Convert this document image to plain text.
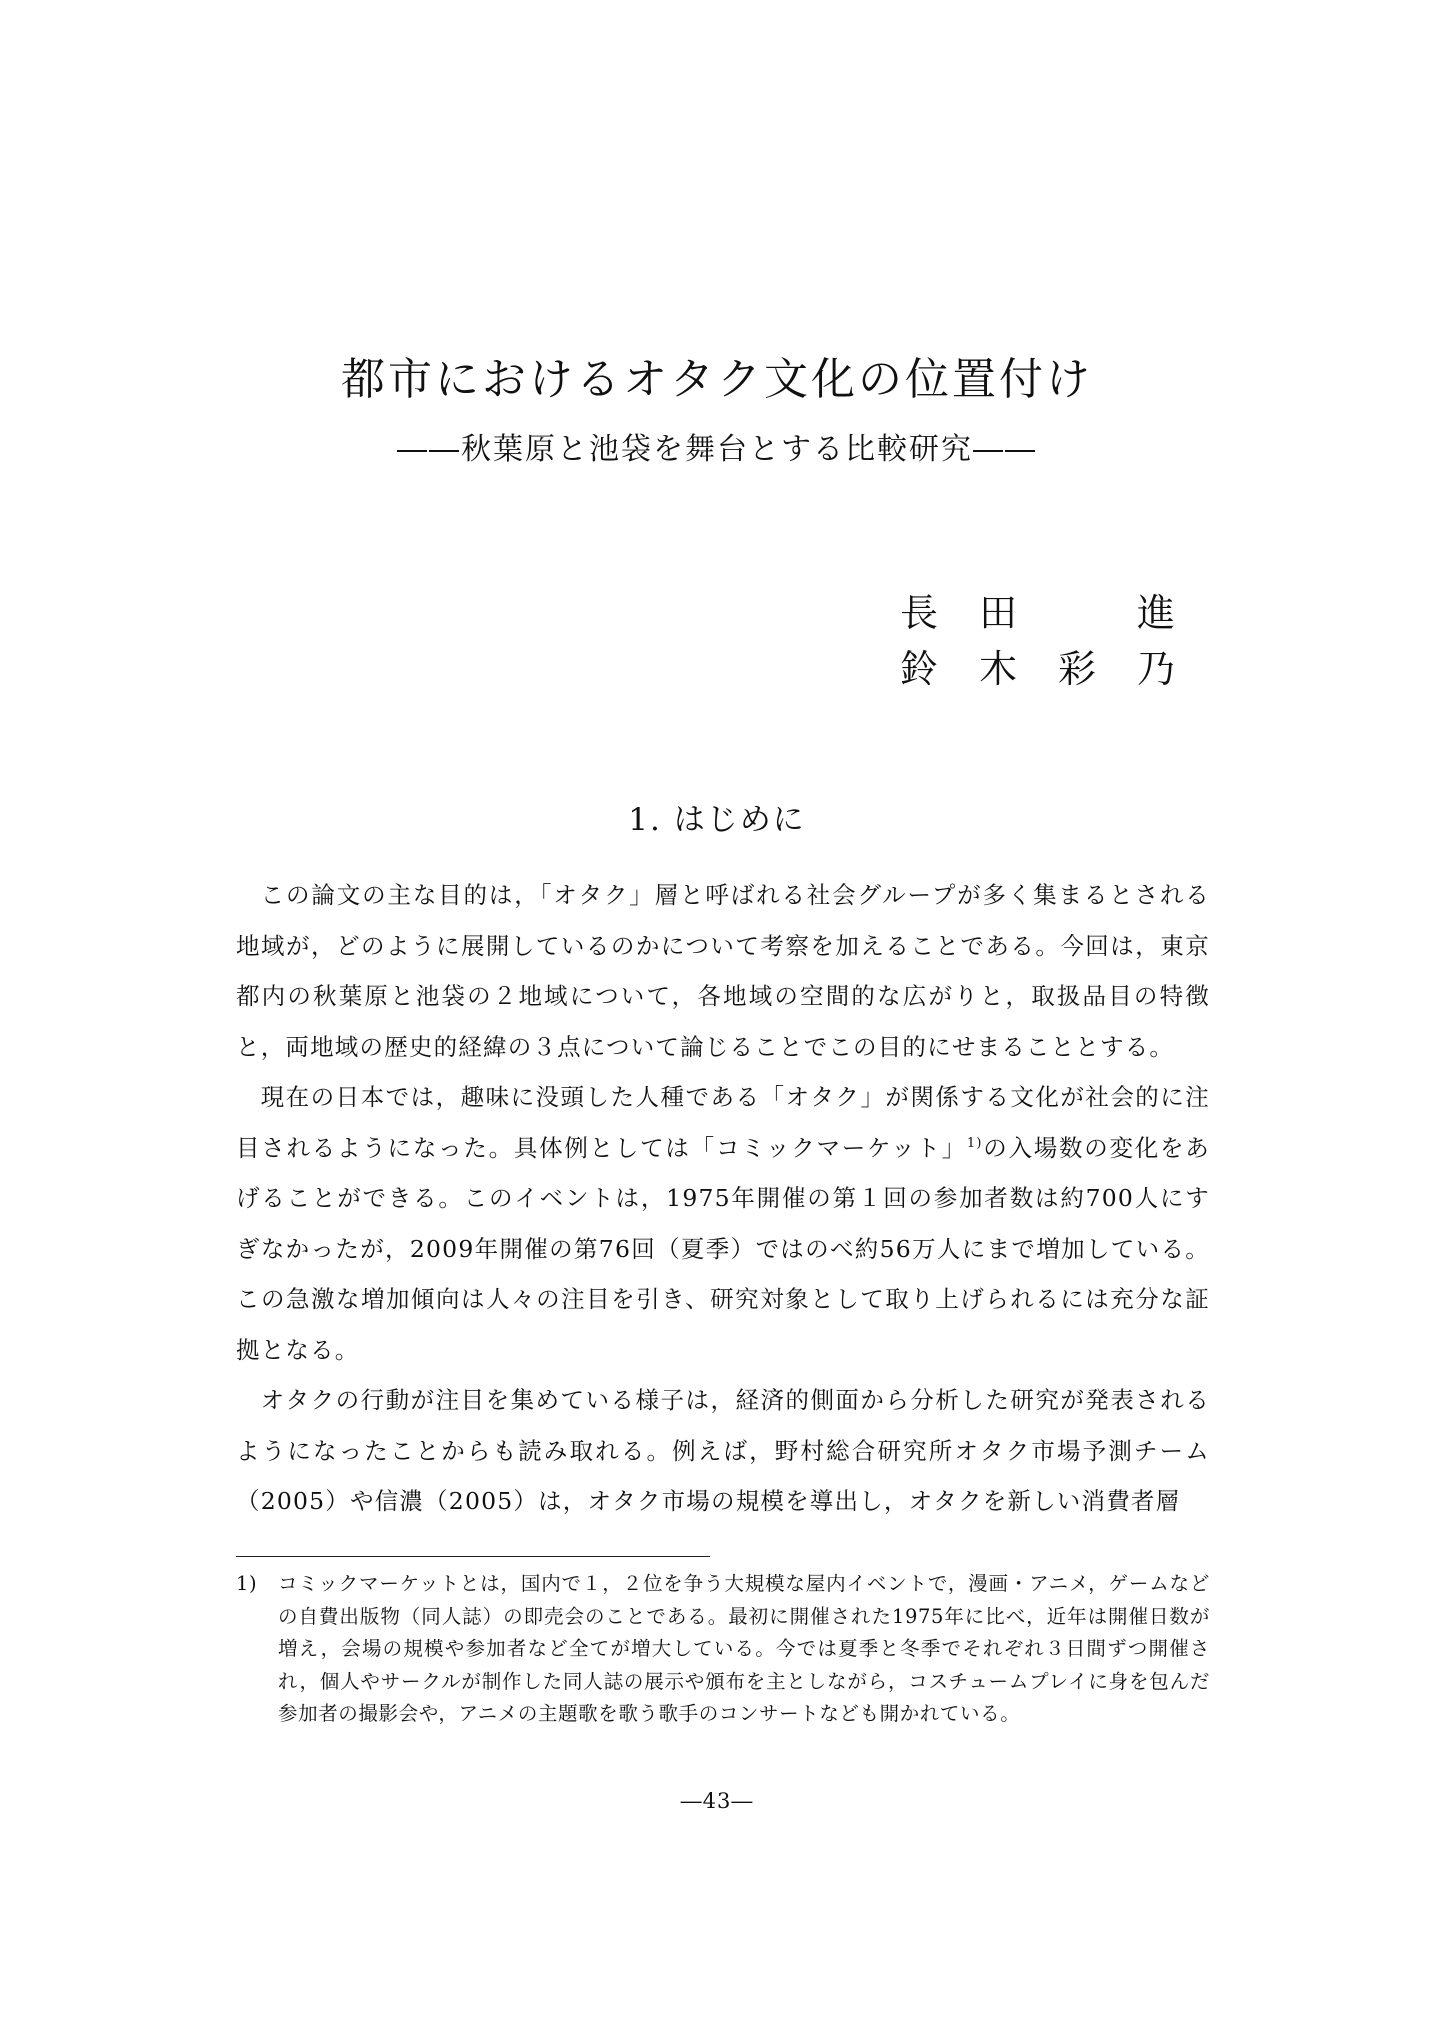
都市におけるオタク文化の位置付け
――秋葉原と池袋を舞台とする比較研究――
長 田	進
鈴 木 彩 乃
1. はじめに

この論文の主な目的は，「オタク」層と呼ばれる社会グループが多く集まるとされる地域が，どのように展開しているのかについて考察を加えることである。今回は，東京都内の秋葉原と池袋の２地域について，各地域の空間的な広がりと，取扱品目の特徴と，両地域の歴史的経緯の３点について論じることでこの目的にせまることとする。

現在の日本では，趣味に没頭した人種である「オタク」が関係する文化が社会的に注目されるようになった。具体例としては「コミックマーケット」$^{1)}$の入場数の変化をあげることができる。このイベントは，1975年開催の第１回の参加者数は約700人にすぎなかったが，2009年開催の第76回（夏季）ではのべ約56万人にまで増加している。この急激な増加傾向は人々の注目を引き、研究対象として取り上げられるには充分な証拠となる。

オタクの行動が注目を集めている様子は，経済的側面から分析した研究が発表されるようになったことからも読み取れる。例えば，野村総合研究所オタク市場予測チーム（2005）や信濃（2005）は，オタク市場の規模を導出し，オタクを新しい消費者層

1)	コミックマーケットとは，国内で１，２位を争う大規模な屋内イベントで，漫画・アニメ，ゲームなどの自費出版物（同人誌）の即売会のことである。最初に開催された1975年に比べ，近年は開催日数が増え，会場の規模や参加者など全てが増大している。今では夏季と冬季でそれぞれ３日間ずつ開催され，個人やサークルが制作した同人誌の展示や頒布を主としながら，コスチュームプレイに身を包んだ参加者の撮影会や，アニメの主題歌を歌う歌手のコンサートなども開かれている。
―43―
